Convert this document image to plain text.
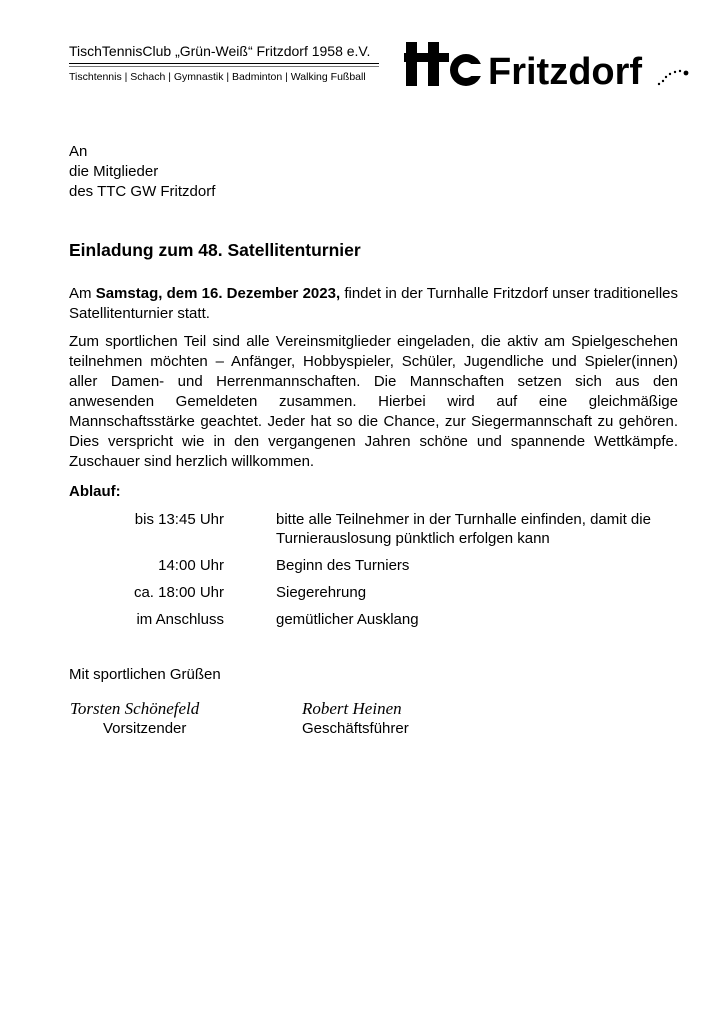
TischTennisClub „Grün-Weiß“ Fritzdorf 1958 e.V.
Tischtennis | Schach | Gymnastik | Badminton | Walking Fußball	Fritzdorf
An
die Mitglieder
des TTC GW Fritzdorf
Einladung zum 48. Satellitenturnier

Am Samstag, dem 16. Dezember 2023, findet in der Turnhalle Fritzdorf unser traditionelles Satellitenturnier statt.

Zum sportlichen Teil sind alle Vereinsmitglieder eingeladen, die aktiv am Spielgeschehen teilnehmen möchten – Anfänger, Hobbyspieler, Schüler, Jugendliche und Spieler(innen) aller Damen- und Herrenmannschaften. Die Mannschaften setzen sich aus den anwesenden Gemeldeten zusammen. Hierbei wird auf eine gleichmäßige Mannschaftsstärke geachtet. Jeder hat so die Chance, zur Siegermannschaft zu gehören. Dies verspricht wie in den vergangenen Jahren schöne und spannende Wettkämpfe. Zuschauer sind herzlich willkommen.

Ablauf:
bis 13:45 Uhr	bitte alle Teilnehmer in der Turnhalle einfinden, damit die Turnierauslosung pünktlich erfolgen kann
14:00 Uhr	Beginn des Turniers
ca. 18:00 Uhr	Siegerehrung
im Anschluss	gemütlicher Ausklang
Mit sportlichen Grüßen
Torsten Schönefeld	Robert Heinen
Vorsitzender	Geschäftsführer
